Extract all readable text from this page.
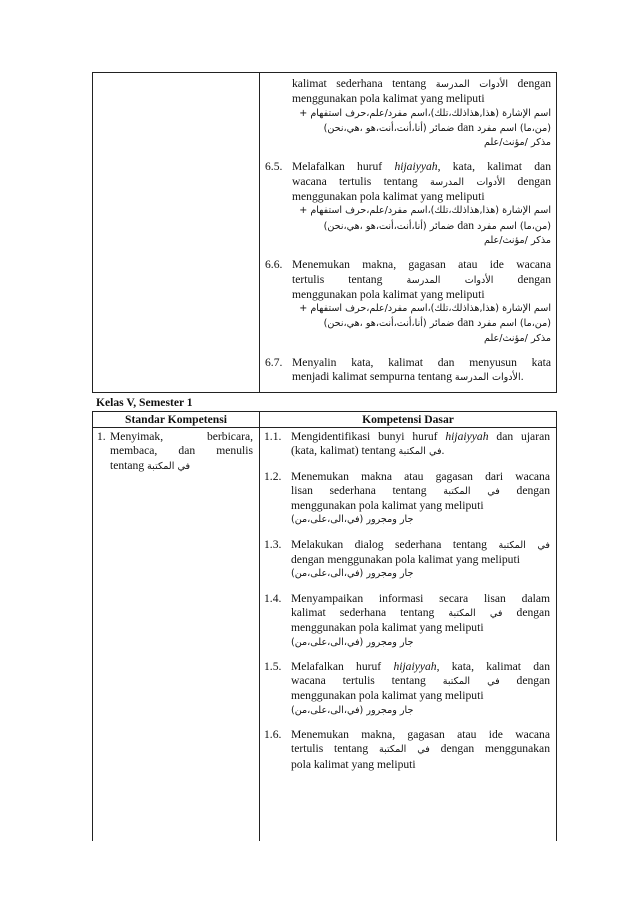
kalimat sederhana tentang الأدوات المدرسة dengan
menggunakan pola kalimat yang meliputi
اسم الإشارة (هذا,هذاذلك،تلك)،اسم مفرد/علم،حرف استفهام +
(من،ما) اسم مفرد dan ضمائر (أنا،أنت،أنت،هو ،هي،نحن)
مذكر /مؤنث/علم
6.5. Melafalkan huruf hijaiyyah, kata, kalimat dan
wacana tertulis tentang الأدوات المدرسة dengan
menggunakan pola kalimat yang meliputi
اسم الإشارة (هذا,هذاذلك،تلك)،اسم مفرد/علم،حرف استفهام +
(من،ما) اسم مفرد dan ضمائر (أنا،أنت،أنت،هو ،هي،نحن)
مذكر /مؤنث/علم
6.6. Menemukan makna, gagasan atau ide wacana
tertulis tentang	الأدوات المدرسة dengan
menggunakan pola kalimat yang meliputi
اسم الإشارة (هذا,هذاذلك،تلك)،اسم مفرد/علم،حرف استفهام +
(من،ما) اسم مفرد dan ضمائر (أنا،أنت،أنت،هو ،هي،نحن)
مذكر /مؤنث/علم
6.7. Menyalin kata, kalimat dan menyusun kata
menjadi kalimat sempurna tentang الأدوات المدرسة.
Kelas V, Semester 1
Standar Kompetensi	Kompetensi Dasar
1. Menyimak, berbicara,
membaca, dan menulis
tentang في المكتبة
1.1. Mengidentifikasi bunyi huruf hijaiyyah dan ujaran
(kata, kalimat) tentang في المكتبة.
1.2. Menemukan makna atau gagasan dari wacana
lisan sederhana tentang في المكتبة dengan
menggunakan pola kalimat yang meliputi
جار ومجرور (في،الى،على،من)
1.3. Melakukan dialog sederhana tentang في المكتبة
dengan menggunakan pola kalimat yang meliputi
جار ومجرور (في،الى،على،من)
1.4. Menyampaikan informasi secara lisan dalam
kalimat sederhana tentang في المكتبة dengan
menggunakan pola kalimat yang meliputi
جار ومجرور (في،الى،على،من)
1.5. Melafalkan huruf hijaiyyah, kata, kalimat dan
wacana tertulis tentang في المكتبة dengan
menggunakan pola kalimat yang meliputi
جار ومجرور (في،الى،على،من)
1.6. Menemukan makna, gagasan atau ide wacana
tertulis tentang في المكتبة dengan menggunakan
pola kalimat yang meliputi
